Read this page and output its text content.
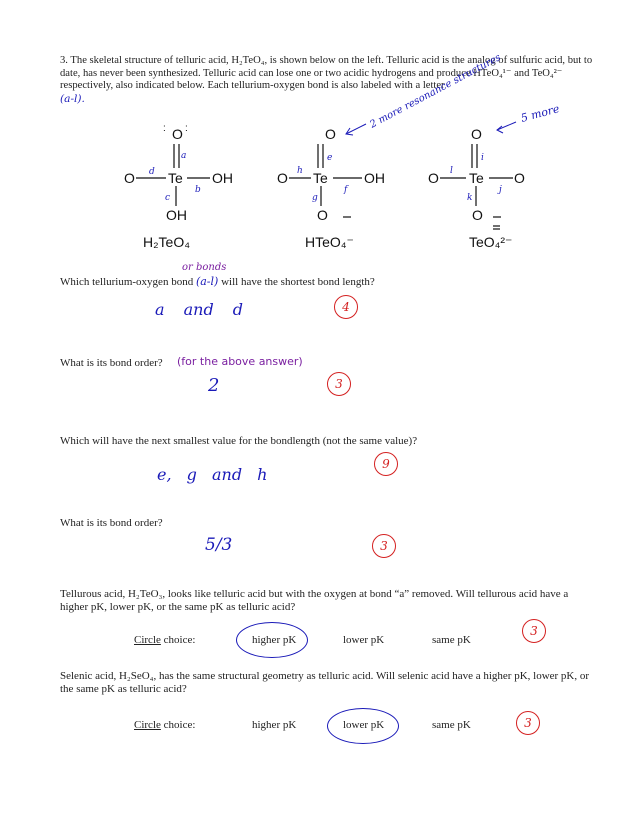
3. The skeletal structure of telluric acid, H₂TeO₄, is shown below on the left. Telluric acid is the analog of sulfuric acid, but to date, has never been synthesized. Telluric acid can lose one or two acidic hydrogens and produce HTeO₄¹⁻ and TeO₄²⁻ respectively, also indicated below. Each tellurium-oxygen bond is also labeled with a letter
(a-l).
O
: :
Te
O	OH
OH
H₂TeO₄
a
b
c
d
O
Te
O	OH
O
HTeO₄⁻
e
f
g
h
2 more resonance structures
O
Te
O	O
O
TeO₄²⁻
i
j
k
l
5 more
or bonds
Which tellurium-oxygen bond (a-l) will have the shortest bond length?
a and d	4
What is its bond order? (for the above answer)
2	3
Which will have the next smallest value for the bondlength (not the same value)?
e, g and h
9
What is its bond order?
5/3	3
Tellurous acid, H₂TeO₃, looks like telluric acid but with the oxygen at bond “a” removed. Will tellurous acid have a higher pK, lower pK, or the same pK as telluric acid?
Circle choice:	higher pK	lower pK	same pK
3
Selenic acid, H₂SeO₄, has the same structural geometry as telluric acid. Will selenic acid have a higher pK, lower pK, or the same pK as telluric acid?
Circle choice:	higher pK	lower pK	same pK	3
